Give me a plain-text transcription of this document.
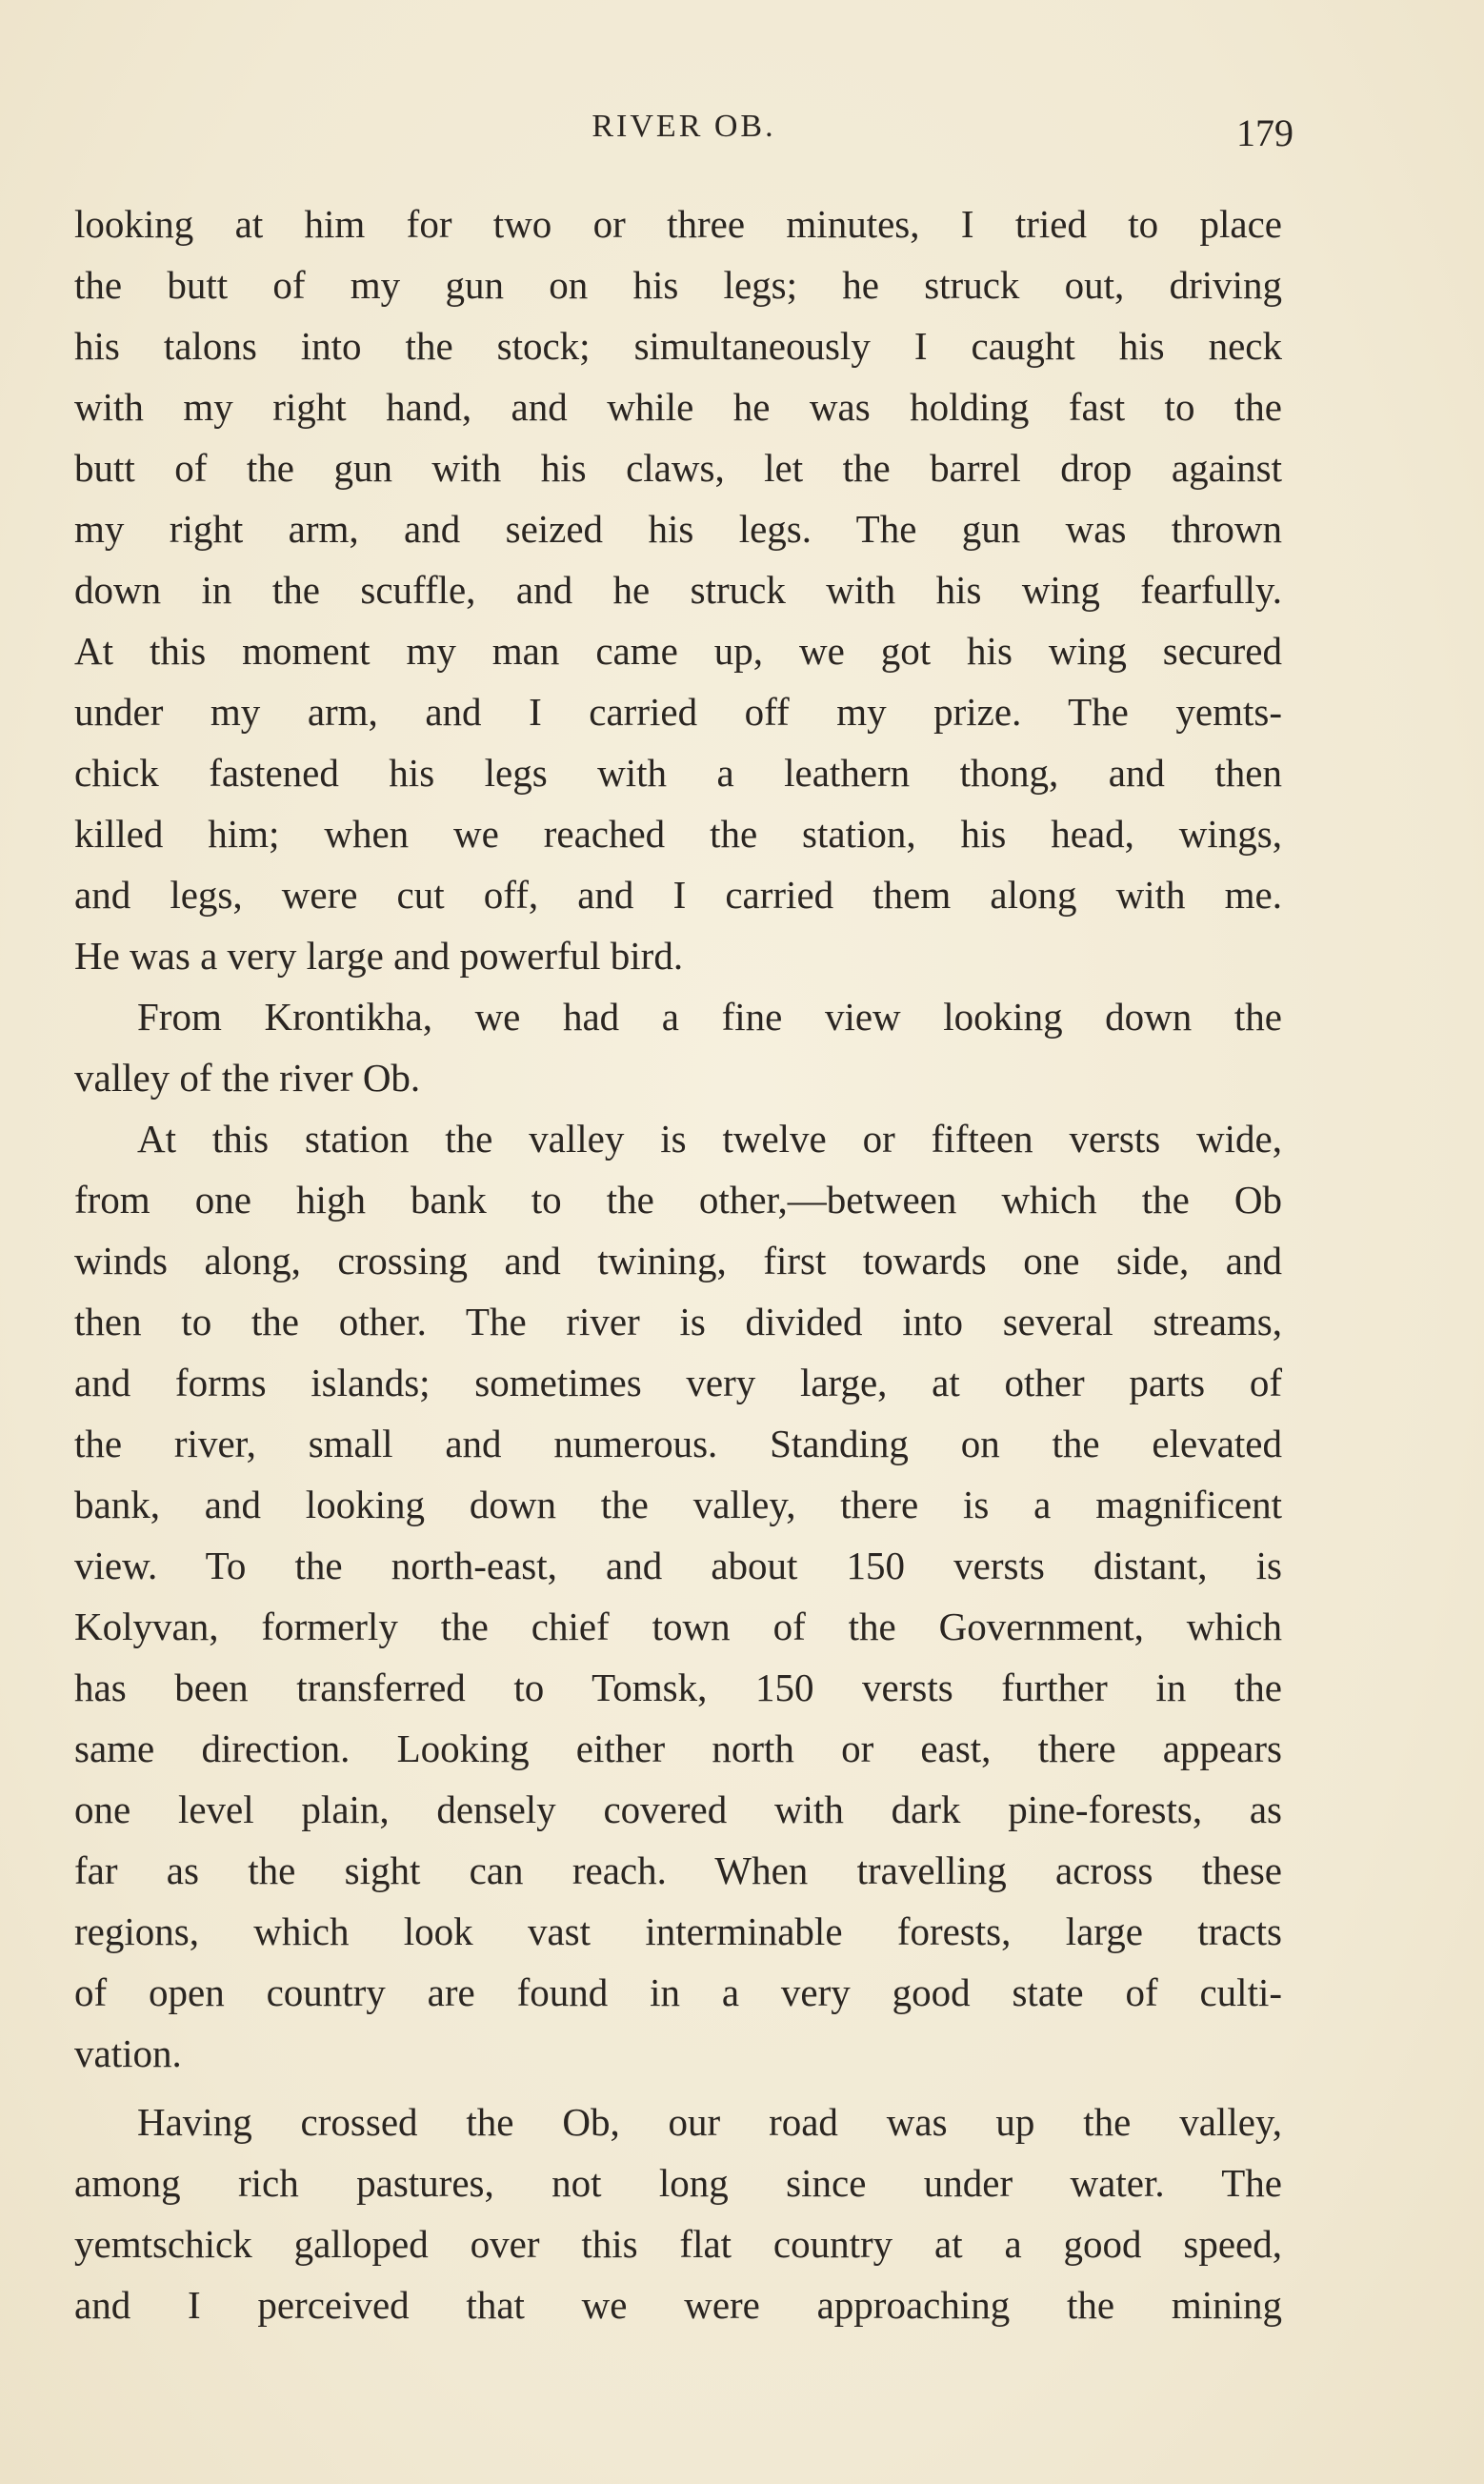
RIVER OB.	179
looking at him for two or three minutes, I tried to place
the butt of my gun on his legs; he struck out, driving
his talons into the stock; simultaneously I caught his neck
with my right hand, and while he was holding fast to the
butt of the gun with his claws, let the barrel drop against
my right arm, and seized his legs. The gun was thrown
down in the scuffle, and he struck with his wing fearfully.
At this moment my man came up, we got his wing secured
under my arm, and I carried off my prize. The yemts-
chick fastened his legs with a leathern thong, and then
killed him; when we reached the station, his head, wings,
and legs, were cut off, and I carried them along with me.
He was a very large and powerful bird.
From Krontikha, we had a fine view looking down the
valley of the river Ob.
At this station the valley is twelve or fifteen versts wide,
from one high bank to the other,—between which the Ob
winds along, crossing and twining, first towards one side, and
then to the other. The river is divided into several streams,
and forms islands; sometimes very large, at other parts of
the river, small and numerous. Standing on the elevated
bank, and looking down the valley, there is a magnificent
view. To the north-east, and about 150 versts distant, is
Kolyvan, formerly the chief town of the Government, which
has been transferred to Tomsk, 150 versts further in the
same direction. Looking either north or east, there appears
one level plain, densely covered with dark pine-forests, as
far as the sight can reach. When travelling across these
regions, which look vast interminable forests, large tracts
of open country are found in a very good state of culti-
vation.
Having crossed the Ob, our road was up the valley,
among rich pastures, not long since under water. The
yemtschick galloped over this flat country at a good speed,
and I perceived that we were approaching the mining
